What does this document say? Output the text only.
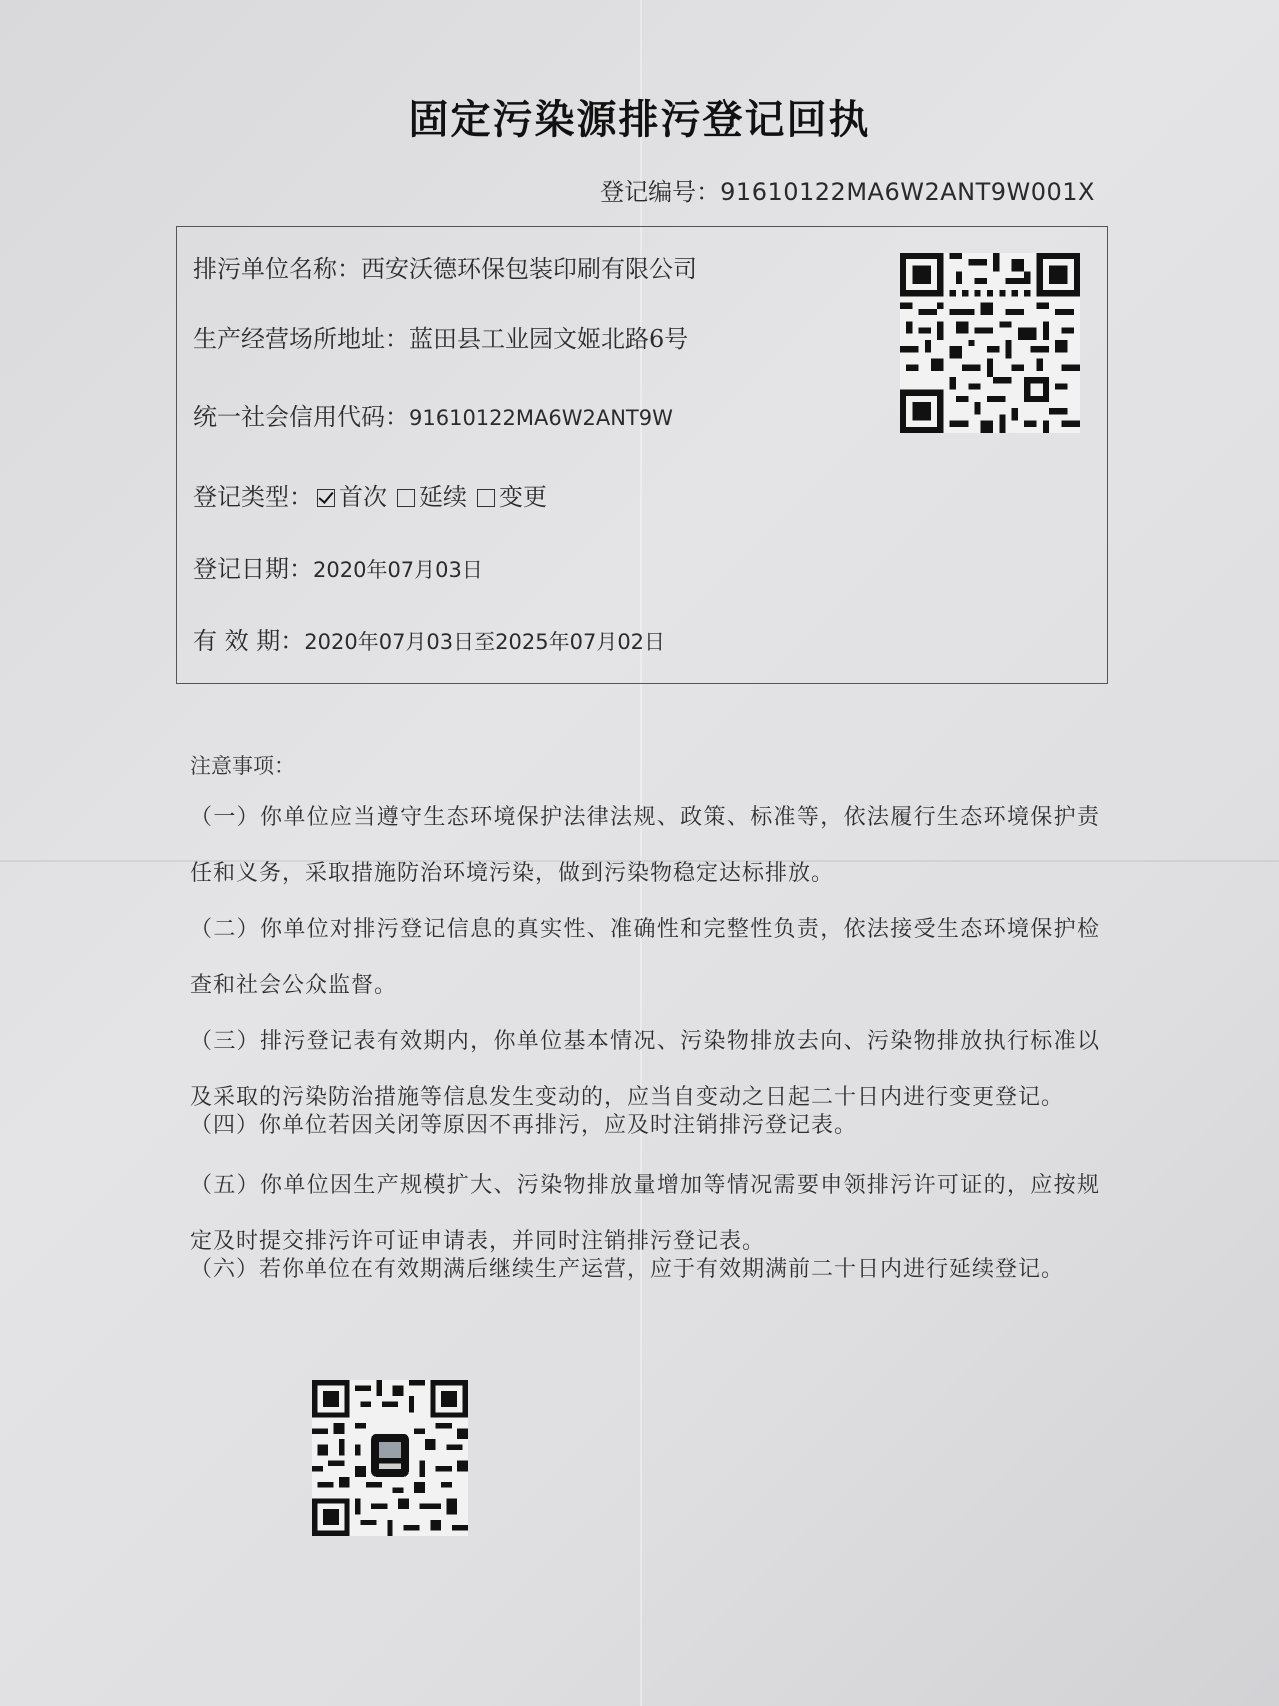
固定污染源排污登记回执
登记编号：91610122MA6W2ANT9W001X
排污单位名称：西安沃德环保包装印刷有限公司
生产经营场所地址：蓝田县工业园文姬北路6号
统一社会信用代码：91610122MA6W2ANT9W
登记类型： 首次 延续 变更
登记日期：2020年07月03日
有 效 期：2020年07月03日至2025年07月02日
注意事项：
（一）你单位应当遵守生态环境保护法律法规、政策、标准等，依法履行生态环境保护责任和义务，采取措施防治环境污染，做到污染物稳定达标排放。
（二）你单位对排污登记信息的真实性、准确性和完整性负责，依法接受生态环境保护检查和社会公众监督。
（三）排污登记表有效期内，你单位基本情况、污染物排放去向、污染物排放执行标准以及采取的污染防治措施等信息发生变动的，应当自变动之日起二十日内进行变更登记。
（四）你单位若因关闭等原因不再排污，应及时注销排污登记表。
（五）你单位因生产规模扩大、污染物排放量增加等情况需要申领排污许可证的，应按规定及时提交排污许可证申请表，并同时注销排污登记表。
（六）若你单位在有效期满后继续生产运营，应于有效期满前二十日内进行延续登记。
